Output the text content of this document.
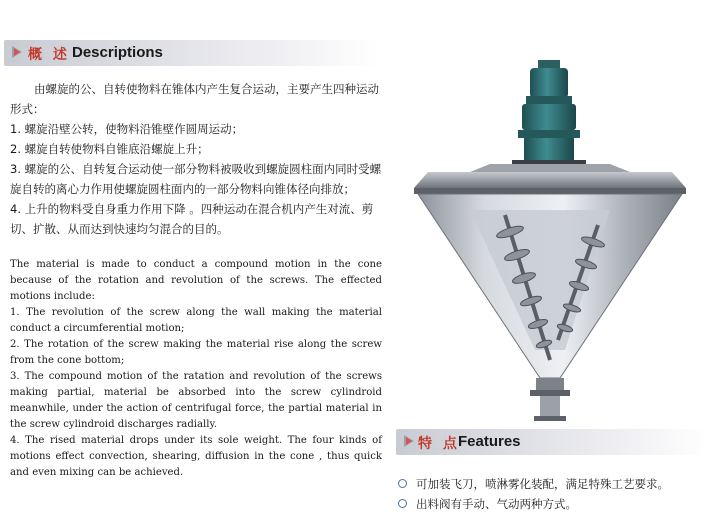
概 述 Descriptions

由螺旋的公、自转使物料在锥体内产生复合运动，主要产生四种运动形式：

1. 螺旋沿壁公转，使物料沿锥壁作圆周运动；

2. 螺旋自转使物料自锥底沿螺旋上升；

3. 螺旋的公、自转复合运动使一部分物料被吸收到螺旋圆柱面内同时受螺旋自转的离心力作用使螺旋圆柱面内的一部分物料向锥体径向排放；

4. 上升的物料受自身重力作用下降 。四种运动在混合机内产生对流、剪切、扩散、从而达到快速均匀混合的目的。

The material is made to conduct a compound motion in the cone because of the rotation and revolution of the screws. The effected motions include:

1. The revolution of the screw along the wall making the material conduct a circumferential motion;

2. The rotation of the screw making the material rise along the screw from the cone bottom;

3. The compound motion of the ratation and revolution of the screws making partial, material be absorbed into the screw cylindroid meanwhile, under the action of centrifugal force, the partial material in the screw cylindroid discharges radially.

4. The rised material drops under its sole weight. The four kinds of motions effect convection, shearing, diffusion in the cone , thus quick and even mixing can be achieved.

特 点
Features
可加装飞刀，喷淋雾化装配，满足特殊工艺要求。
出料阀有手动、气动两种方式。
